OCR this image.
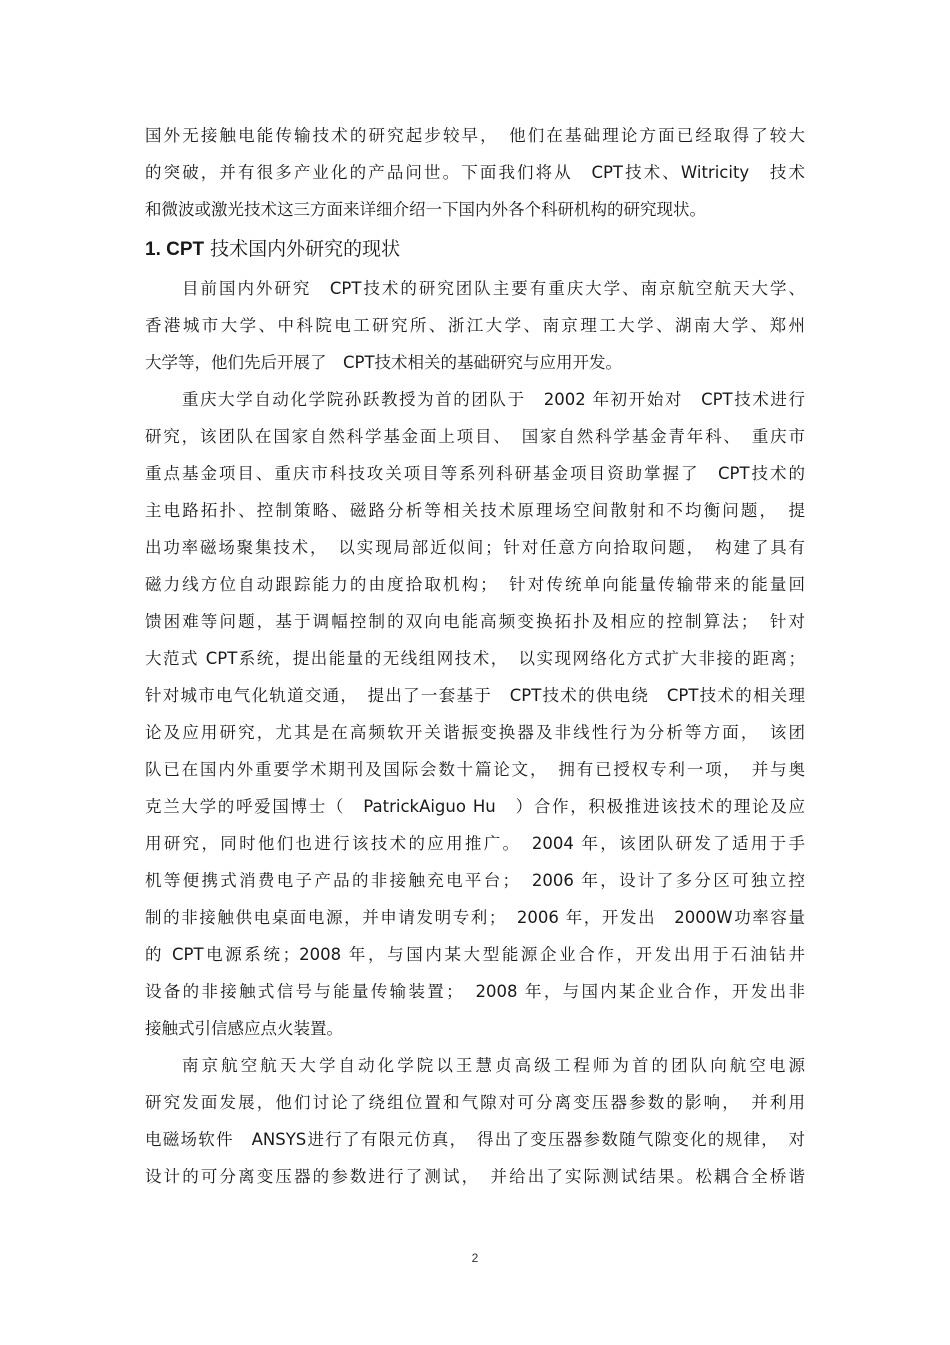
国外无接触电能传输技术的研究起步较早，　他们在基础理论方面已经取得了较大
的突破，并有很多产业化的产品问世。下面我们将从　CPT技术、Witricity　技术
和微波或激光技术这三方面来详细介绍一下国内外各个科研机构的研究现状。
1. CPT 技术国内外研究的现状
目前国内外研究　CPT技术的研究团队主要有重庆大学、南京航空航天大学、
香港城市大学、中科院电工研究所、浙江大学、南京理工大学、湖南大学、郑州
大学等，他们先后开展了　CPT技术相关的基础研究与应用开发。
重庆大学自动化学院孙跃教授为首的团队于　2002 年初开始对　CPT技术进行
研究，该团队在国家自然科学基金面上项目、　国家自然科学基金青年科、　重庆市
重点基金项目、重庆市科技攻关项目等系列科研基金项目资助掌握了　CPT技术的
主电路拓扑、控制策略、磁路分析等相关技术原理场空间散射和不均衡问题，　提
出功率磁场聚集技术，　以实现局部近似间；针对任意方向拾取问题，　构建了具有
磁力线方位自动跟踪能力的由度拾取机构；　针对传统单向能量传输带来的能量回
馈困难等问题，基于调幅控制的双向电能高频变换拓扑及相应的控制算法；　针对
大范式 CPT系统，提出能量的无线组网技术，　以实现网络化方式扩大非接的距离；
针对城市电气化轨道交通，　提出了一套基于　CPT技术的供电绕　CPT技术的相关理
论及应用研究，尤其是在高频软开关谐振变换器及非线性行为分析等方面，　该团
队已在国内外重要学术期刊及国际会数十篇论文，　拥有已授权专利一项，　并与奥
克兰大学的呼爱国博士（　PatrickAiguo Hu　）合作，积极推进该技术的理论及应
用研究，同时他们也进行该技术的应用推广。　2004 年，该团队研发了适用于手
机等便携式消费电子产品的非接触充电平台；　2006 年，设计了多分区可独立控
制的非接触供电桌面电源，并申请发明专利；　2006 年，开发出　2000W功率容量
的 CPT电源系统；2008 年，与国内某大型能源企业合作，开发出用于石油钻井
设备的非接触式信号与能量传输装置；　2008 年，与国内某企业合作，开发出非
接触式引信感应点火装置。
南京航空航天大学自动化学院以王慧贞高级工程师为首的团队向航空电源
研究发面发展，他们讨论了绕组位置和气隙对可分离变压器参数的影响，　并利用
电磁场软件　ANSYS进行了有限元仿真，　得出了变压器参数随气隙变化的规律，　对
设计的可分离变压器的参数进行了测试，　并给出了实际测试结果。松耦合全桥谐
2
